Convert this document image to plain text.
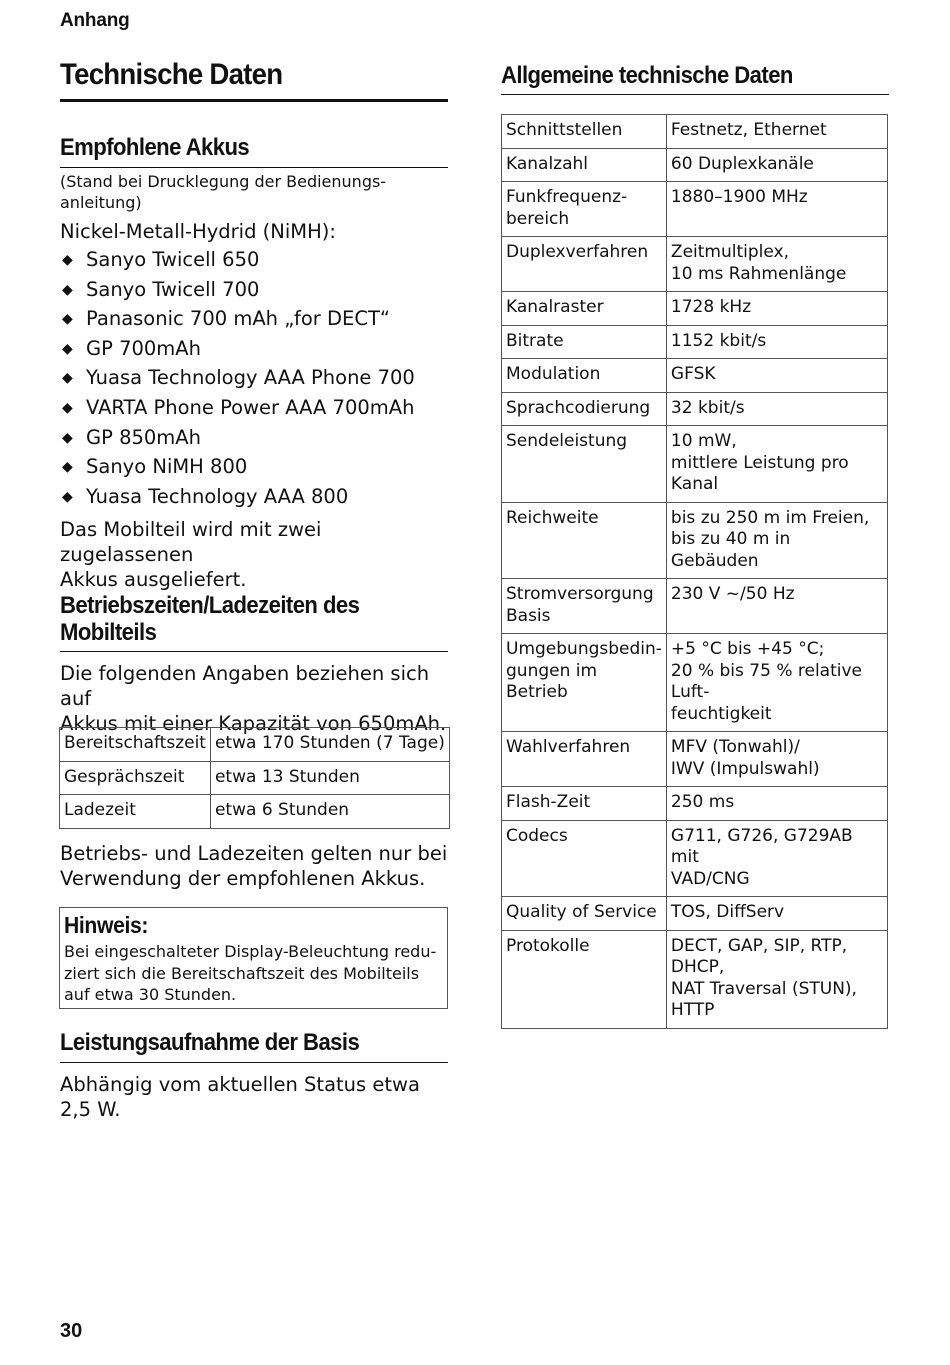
Anhang
Technische Daten
Empfohlene Akkus
(Stand bei Drucklegung der Bedienungs-
anleitung)
Nickel-Metall-Hydrid (NiMH):
◆ Sanyo Twicell 650
◆ Sanyo Twicell 700
◆ Panasonic 700 mAh „for DECT“
◆ GP 700mAh
◆ Yuasa Technology AAA Phone 700
◆ VARTA Phone Power AAA 700mAh
◆ GP 850mAh
◆ Sanyo NiMH 800
◆ Yuasa Technology AAA 800
Das Mobilteil wird mit zwei zugelassenen
Akkus ausgeliefert.
Betriebszeiten/Ladezeiten des
Mobilteils
Die folgenden Angaben beziehen sich auf
Akkus mit einer Kapazität von 650mAh.
Bereitschaftszeit	etwa 170 Stunden (7 Tage)
Gesprächszeit	etwa 13 Stunden
Ladezeit	etwa 6 Stunden
Betriebs- und Ladezeiten gelten nur bei
Verwendung der empfohlenen Akkus.
Hinweis:
Bei eingeschalteter Display-Beleuchtung redu-
ziert sich die Bereitschaftszeit des Mobilteils
auf etwa 30 Stunden.
Leistungsaufnahme der Basis
Abhängig vom aktuellen Status etwa
2,5 W.
Allgemeine technische Daten
Schnittstellen	Festnetz, Ethernet
Kanalzahl	60 Duplexkanäle
Funkfrequenz-
bereich	1880–1900 MHz
Duplexverfahren	Zeitmultiplex,
10 ms Rahmenlänge
Kanalraster	1728 kHz
Bitrate	1152 kbit/s
Modulation	GFSK
Sprachcodierung	32 kbit/s
Sendeleistung	10 mW,
mittlere Leistung pro
Kanal
Reichweite	bis zu 250 m im Freien,
bis zu 40 m in Gebäuden
Stromversorgung
Basis	230 V ~/50 Hz
Umgebungsbedin-
gungen im Betrieb	+5 °C bis +45 °C;
20 % bis 75 % relative Luft-
feuchtigkeit
Wahlverfahren	MFV (Tonwahl)/
IWV (Impulswahl)
Flash-Zeit	250 ms
Codecs	G711, G726, G729AB mit
VAD/CNG
Quality of Service	TOS, DiffServ
Protokolle	DECT, GAP, SIP, RTP, DHCP,
NAT Traversal (STUN),
HTTP
30
